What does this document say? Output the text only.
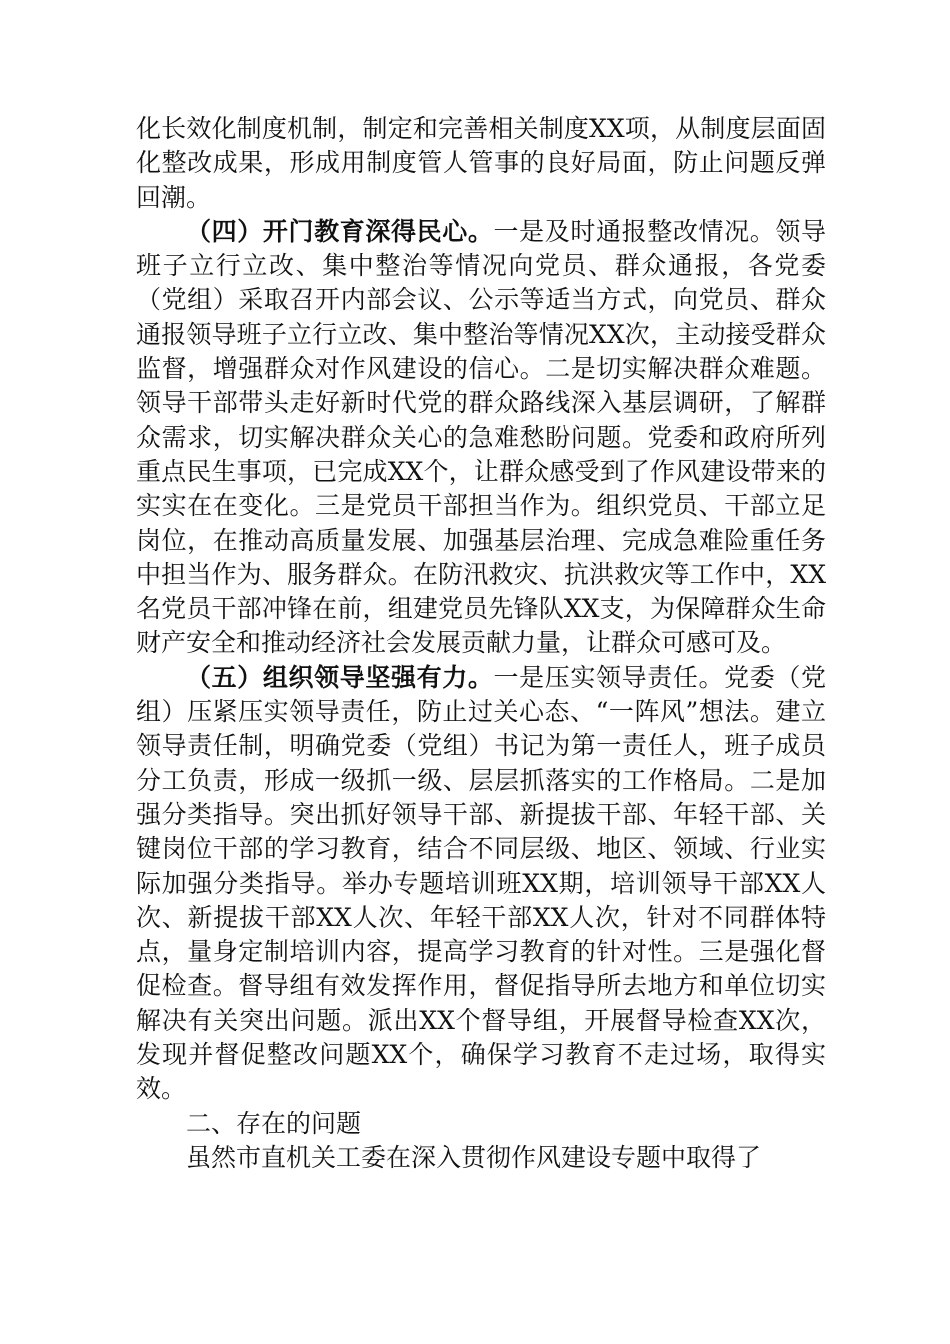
化长效化制度机制，制定和完善相关制度XX项，从制度层面固化整改成果，形成用制度管人管事的良好局面，防止问题反弹回潮。

（四）开门教育深得民心。一是及时通报整改情况。领导班子立行立改、集中整治等情况向党员、群众通报，各党委（党组）采取召开内部会议、公示等适当方式，向党员、群众通报领导班子立行立改、集中整治等情况XX次，主动接受群众监督，增强群众对作风建设的信心。二是切实解决群众难题。领导干部带头走好新时代党的群众路线深入基层调研，了解群众需求，切实解决群众关心的急难愁盼问题。党委和政府所列重点民生事项，已完成XX个，让群众感受到了作风建设带来的实实在在变化。三是党员干部担当作为。组织党员、干部立足岗位，在推动高质量发展、加强基层治理、完成急难险重任务中担当作为、服务群众。在防汛救灾、抗洪救灾等工作中，XX名党员干部冲锋在前，组建党员先锋队XX支，为保障群众生命财产安全和推动经济社会发展贡献力量，让群众可感可及。

（五）组织领导坚强有力。一是压实领导责任。党委（党组）压紧压实领导责任，防止过关心态、“一阵风”想法。建立领导责任制，明确党委（党组）书记为第一责任人，班子成员分工负责，形成一级抓一级、层层抓落实的工作格局。二是加强分类指导。突出抓好领导干部、新提拔干部、年轻干部、关键岗位干部的学习教育，结合不同层级、地区、领域、行业实际加强分类指导。举办专题培训班XX期，培训领导干部XX人次、新提拔干部XX人次、年轻干部XX人次，针对不同群体特点，量身定制培训内容，提高学习教育的针对性。三是强化督促检查。督导组有效发挥作用，督促指导所去地方和单位切实解决有关突出问题。派出XX个督导组，开展督导检查XX次，发现并督促整改问题XX个，确保学习教育不走过场，取得实效。

二、存在的问题

虽然市直机关工委在深入贯彻作风建设专题中取得了
